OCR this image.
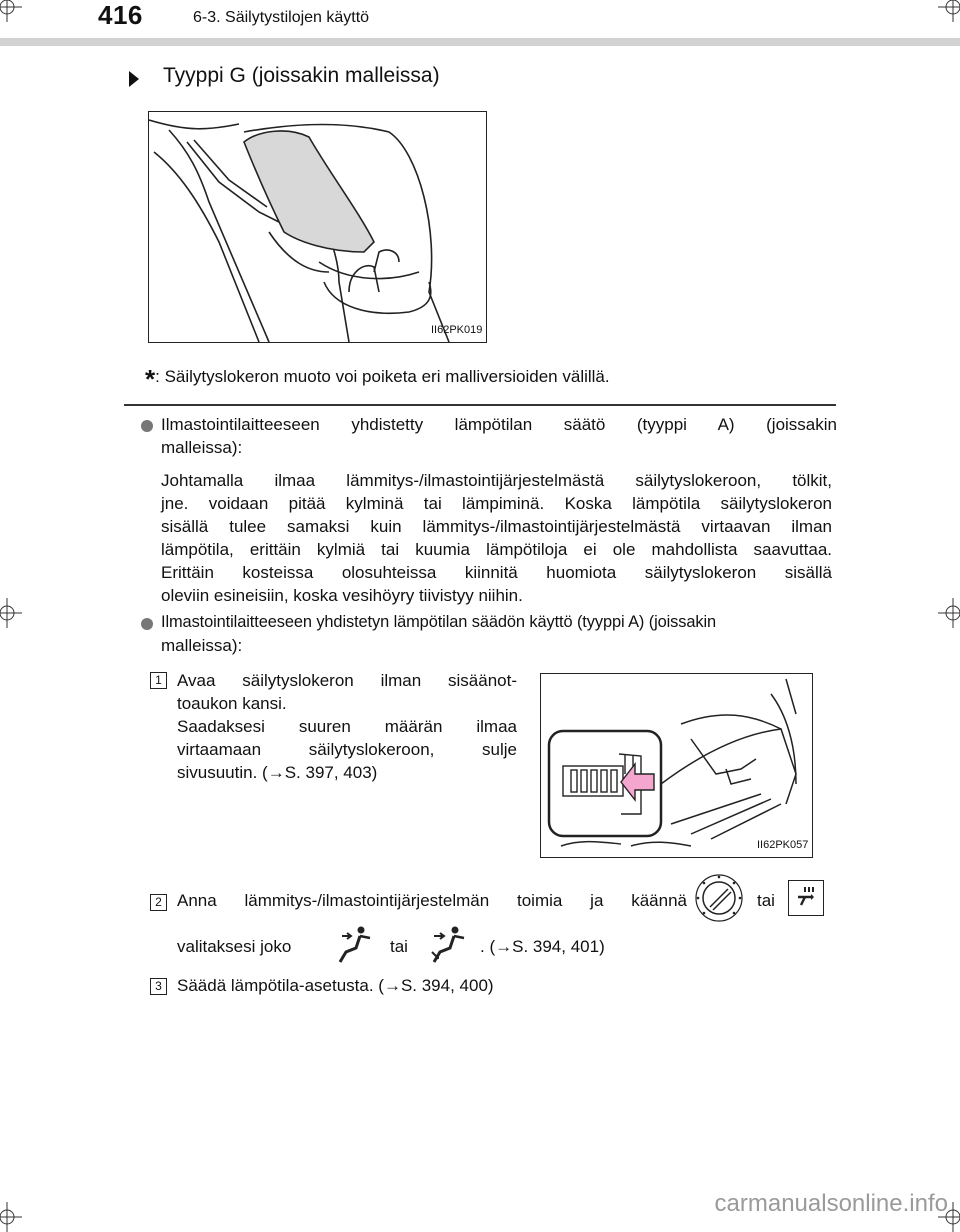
416	6-3. Säilytystilojen käyttö
Tyyppi G (joissakin malleissa)
II62PK019
*: Säilytyslokeron muoto voi poiketa eri malliversioiden välillä.
Ilmastointilaitteeseen yhdistetty lämpötilan säätö (tyyppi A) (joissakin
malleissa):
Johtamalla ilmaa lämmitys-/ilmastointijärjestelmästä säilytyslokeroon, tölkit,
jne. voidaan pitää kylminä tai lämpiminä. Koska lämpötila säilytyslokeron
sisällä tulee samaksi kuin lämmitys-/ilmastointijärjestelmästä virtaavan ilman
lämpötila, erittäin kylmiä tai kuumia lämpötiloja ei ole mahdollista saavuttaa.
Erittäin kosteissa olosuhteissa kiinnitä huomiota säilytyslokeron sisällä
oleviin esineisiin, koska vesihöyry tiivistyy niihin.
Ilmastointilaitteeseen yhdistetyn lämpötilan säädön käyttö (tyyppi A) (joissakin
malleissa):
1 Avaa säilytyslokeron ilman sisäänot-
toaukon kansi.
Saadaksesi suuren määrän ilmaa
virtaamaan säilytyslokeroon, sulje
sivusuutin. (→S. 397, 403)
II62PK057
2 Anna lämmitys-/ilmastointijärjestelmän toimia ja käännä	tai
valitaksesi joko	tai	. (→S. 394, 401)
3 Säädä lämpötila-asetusta. (→S. 394, 400)
carmanualsonline.info
